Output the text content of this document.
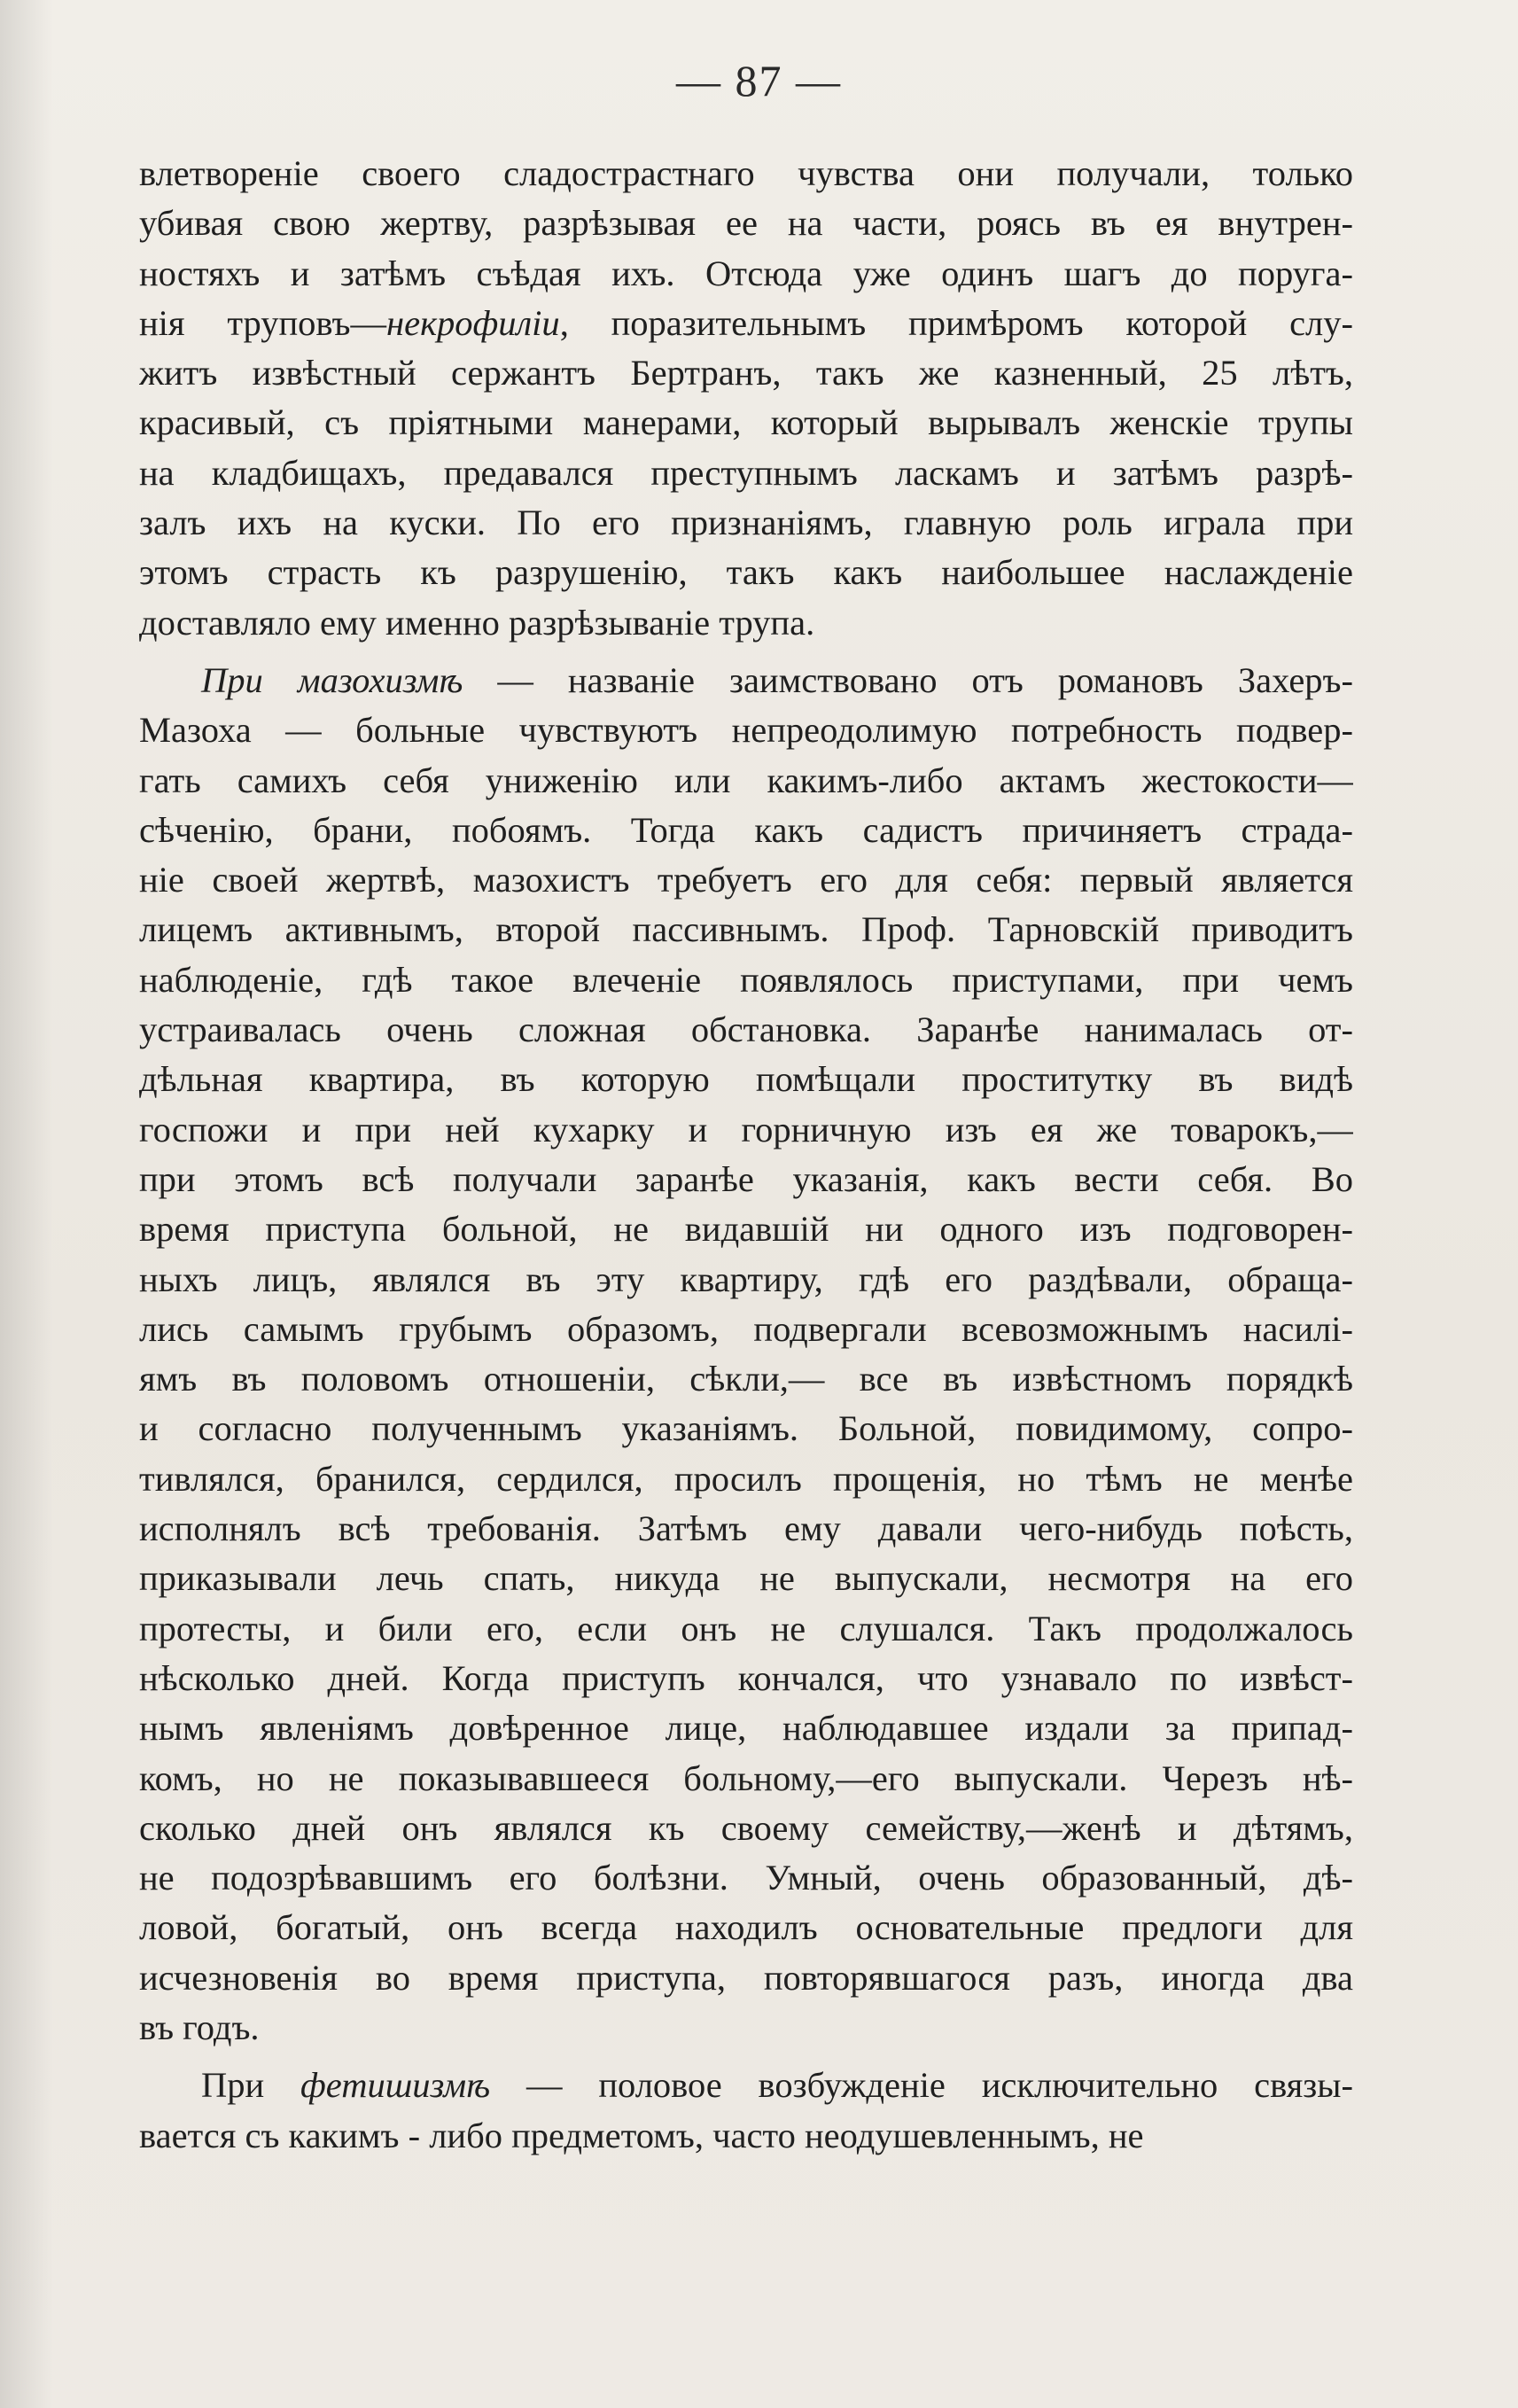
— 87 —
влетвореніе своего сладострастнаго чувства они получали, только
убивая свою жертву, разрѣзывая ее на части, роясь въ ея внутрен-
ностяхъ и затѣмъ съѣдая ихъ. Отсюда уже одинъ шагъ до поруга-
нія труповъ—некрофиліи, поразительнымъ примѣромъ которой слу-
житъ извѣстный сержантъ Бертранъ, такъ же казненный, 25 лѣтъ,
красивый, съ пріятными манерами, который вырывалъ женскіе трупы
на кладбищахъ, предавался преступнымъ ласкамъ и затѣмъ разрѣ-
залъ ихъ на куски. По его признаніямъ, главную роль играла при
этомъ страсть къ разрушенію, такъ какъ наибольшее наслажденіе
доставляло ему именно разрѣзываніе трупа.
При мазохизмѣ — названіе заимствовано отъ романовъ Захеръ-
Мазоха — больные чувствуютъ непреодолимую потребность подвер-
гать самихъ себя униженію или какимъ-либо актамъ жестокости—
сѣченію, брани, побоямъ. Тогда какъ садистъ причиняетъ страда-
ніе своей жертвѣ, мазохистъ требуетъ его для себя: первый является
лицемъ активнымъ, второй пассивнымъ. Проф. Тарновскій приводитъ
наблюденіе, гдѣ такое влеченіе появлялось приступами, при чемъ
устраивалась очень сложная обстановка. Заранѣе нанималась от-
дѣльная квартира, въ которую помѣщали проститутку въ видѣ
госпожи и при ней кухарку и горничную изъ ея же товарокъ,—
при этомъ всѣ получали заранѣе указанія, какъ вести себя. Во
время приступа больной, не видавшій ни одного изъ подговорен-
ныхъ лицъ, являлся въ эту квартиру, гдѣ его раздѣвали, обраща-
лись самымъ грубымъ образомъ, подвергали всевозможнымъ насилі-
ямъ въ половомъ отношеніи, сѣкли,— все въ извѣстномъ порядкѣ
и согласно полученнымъ указаніямъ. Больной, повидимому, сопро-
тивлялся, бранился, сердился, просилъ прощенія, но тѣмъ не менѣе
исполнялъ всѣ требованія. Затѣмъ ему давали чего-нибудь поѣсть,
приказывали лечь спать, никуда не выпускали, несмотря на его
протесты, и били его, если онъ не слушался. Такъ продолжалось
нѣсколько дней. Когда приступъ кончался, что узнавало по извѣст-
нымъ явленіямъ довѣренное лице, наблюдавшее издали за припад-
комъ, но не показывавшееся больному,—его выпускали. Черезъ нѣ-
сколько дней онъ являлся къ своему семейству,—женѣ и дѣтямъ,
не подозрѣвавшимъ его болѣзни. Умный, очень образованный, дѣ-
ловой, богатый, онъ всегда находилъ основательные предлоги для
исчезновенія во время приступа, повторявшагося разъ, иногда два
въ годъ.
При фетишизмѣ — половое возбужденіе исключительно связы-
вается съ какимъ - либо предметомъ, часто неодушевленнымъ, не
